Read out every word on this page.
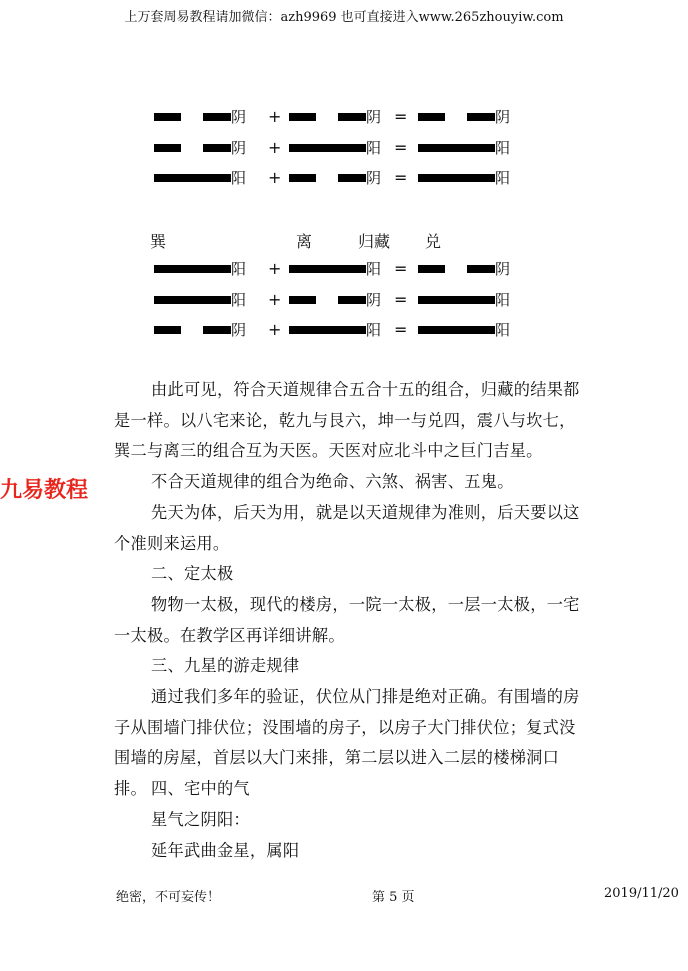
上万套周易教程请加微信：azh9969 也可直接进入www.265zhouyiw.com
阴 +	阴 =	阴
阴 +	阳 =	阳
阳 +	阴 =	阳
巽	离	归藏 兑
阳 +	阳 =	阴
阳 +	阴 =	阳
阴 +	阳 =	阳
由此可见，符合天道规律合五合十五的组合，归藏的结果都是一样。以八宅来论，乾九与艮六，坤一与兑四，震八与坎七，巽二与离三的组合互为天医。天医对应北斗中之巨门吉星。
不合天道规律的组合为绝命、六煞、祸害、五鬼。
先天为体，后天为用，就是以天道规律为准则，后天要以这个准则来运用。
二、定太极
物物一太极，现代的楼房，一院一太极，一层一太极，一宅一太极。在教学区再详细讲解。
三、九星的游走规律
通过我们多年的验证，伏位从门排是绝对正确。有围墙的房子从围墙门排伏位；没围墙的房子，以房子大门排伏位；复式没围墙的房屋，首层以大门来排，第二层以进入二层的楼梯洞口排。 四、宅中的气
星气之阴阳：
延年武曲金星，属阳
九易教程
绝密，不可妄传！	第 5 页	2019/11/20
